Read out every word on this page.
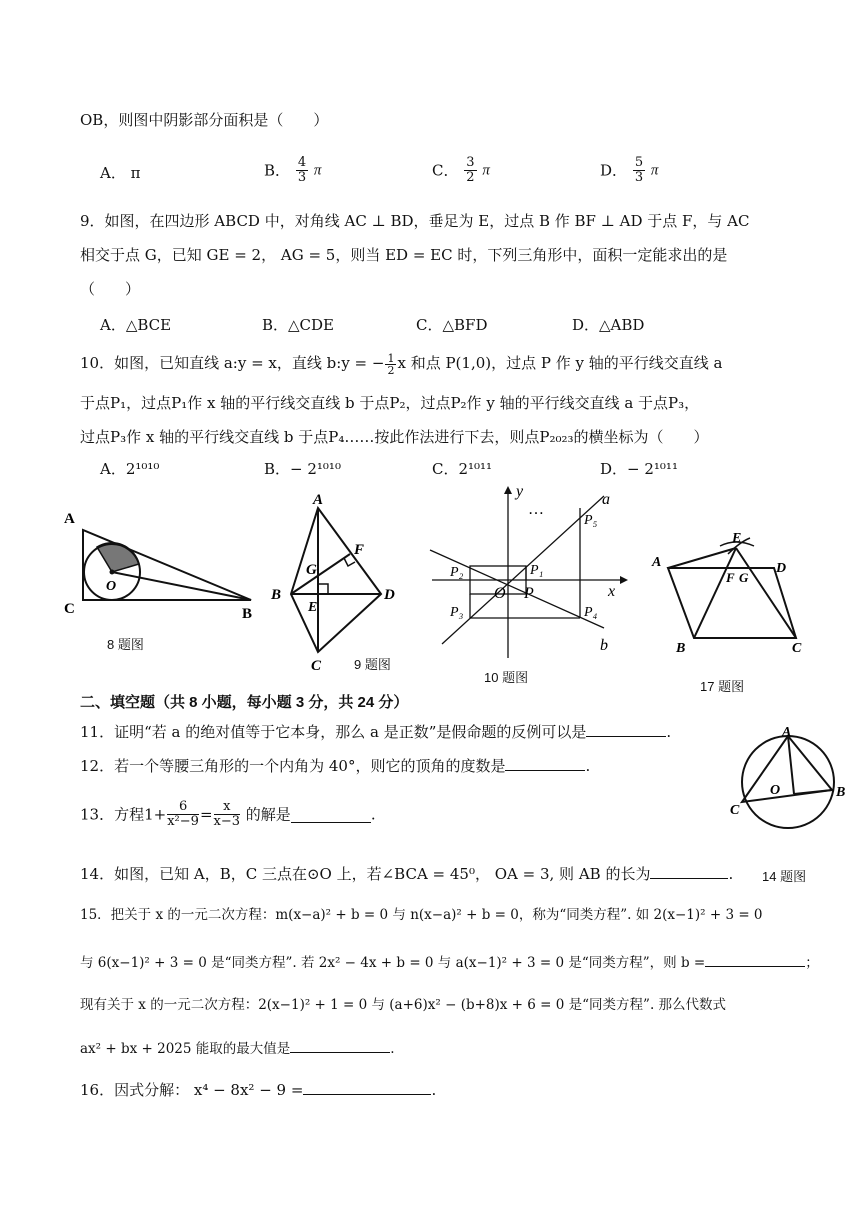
OB，则图中阴影部分面积是（　　）
A． π	B． $\frac{4}{3}$ π	C． $\frac{3}{2}$ π	D． $\frac{5}{3}$ π
9．如图，在四边形 ABCD 中，对角线 AC ⊥ BD，垂足为 E，过点 B 作 BF ⊥ AD 于点 F，与 AC
相交于点 G，已知 GE = 2， AG = 5，则当 ED = EC 时，下列三角形中，面积一定能求出的是
（　　）
A．△BCE	B．△CDE	C．△BFD	D．△ABD
10．如图，已知直线 a:y = x，直线 b:y = − $\frac{1}{2}$ x 和点 P(1,0)，过点 P 作 y 轴的平行线交直线 a
于点P₁，过点P₁作 x 轴的平行线交直线 b 于点P₂，过点P₂作 y 轴的平行线交直线 a 于点P₃，
过点P₃作 x 轴的平行线交直线 b 于点P₄……按此作法进行下去，则点P₂₀₂₃的横坐标为（　　）
A．2¹⁰¹⁰	B．− 2¹⁰¹⁰	C．2¹⁰¹¹	D．− 2¹⁰¹¹
A
O
C	B
8 题图
A
F
G
B
E
D
C	9 题图
y	a
…
P₅
P₂	P₁
O P	x
P₃	P₄
b
10 题图
E
A	D
F G
B	C
17 题图
二、填空题（共 8 小题，每小题 3 分，共 24 分）
11．证明“若 a 的绝对值等于它本身，那么 a 是正数”是假命题的反例可以是	.
12．若一个等腰三角形的一个内角为 40°，则它的顶角的度数是	.
A
O	B
C
13．方程$1+ \frac{6}{\text{x²−9}} = \frac{x}{x-3}$ 的解是	.
14．如图，已知 A，B，C 三点在⊙O 上，若∠BCA = 45⁰， OA = 3, 则 AB 的长为	. 14 题图
15．把关于 x 的一元二次方程：m(x−a)² + b = 0 与 n(x−a)² + b = 0，称为“同类方程”. 如 2(x−1)² + 3 = 0
与 6(x−1)² + 3 = 0 是“同类方程”. 若 2x² − 4x + b = 0 与 a(x−1)² + 3 = 0 是“同类方程”，则 b =	；
现有关于 x 的一元二次方程：2(x−1)² + 1 = 0 与 (a+6)x² − (b+8)x + 6 = 0 是“同类方程”. 那么代数式
ax² + bx + 2025 能取的最大值是	.
16．因式分解： x⁴ − 8x² − 9 =	.
